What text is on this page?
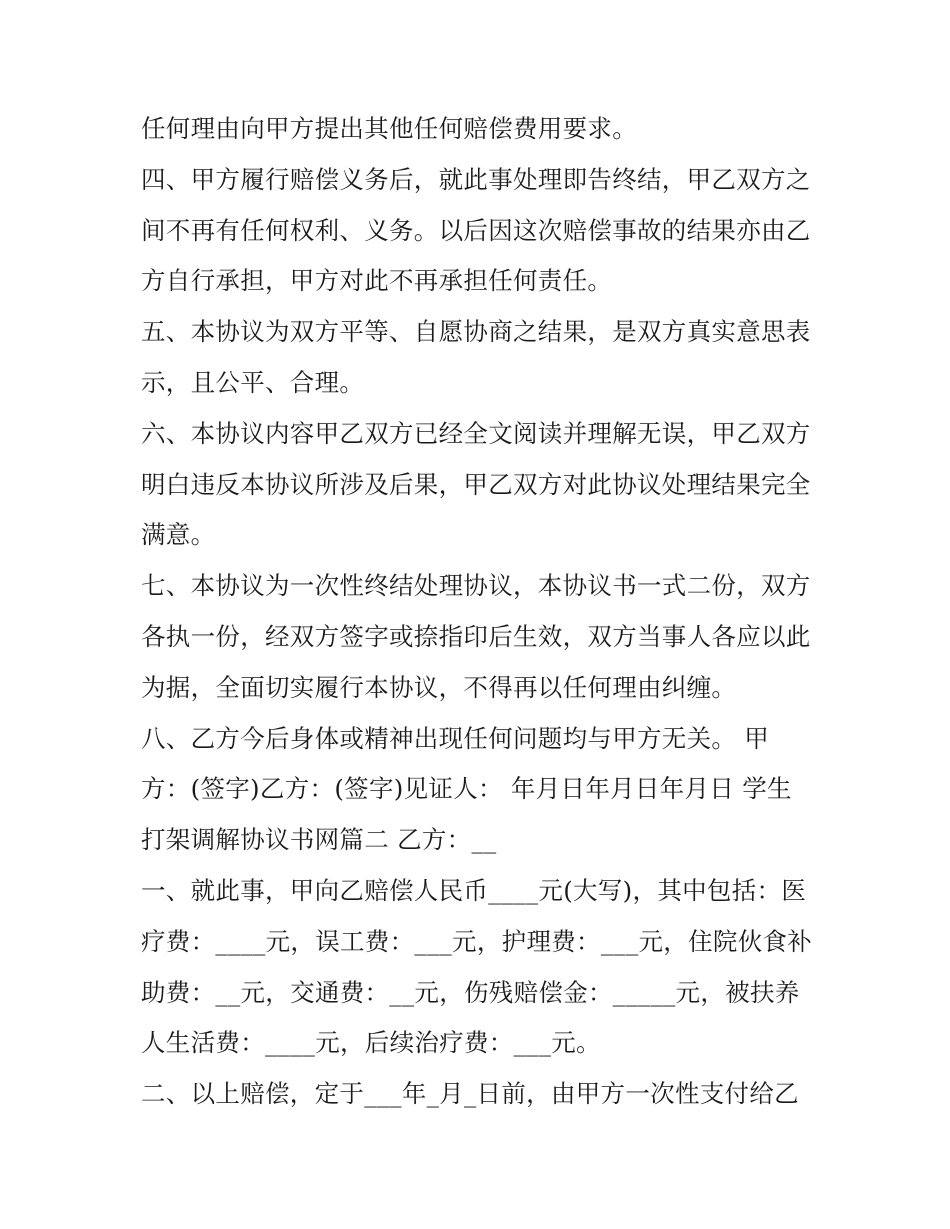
任何理由向甲方提出其他任何赔偿费用要求。
四、甲方履行赔偿义务后，就此事处理即告终结，甲乙双方之
间不再有任何权利、义务。以后因这次赔偿事故的结果亦由乙
方自行承担，甲方对此不再承担任何责任。
五、本协议为双方平等、自愿协商之结果，是双方真实意思表
示，且公平、合理。
六、本协议内容甲乙双方已经全文阅读并理解无误，甲乙双方
明白违反本协议所涉及后果，甲乙双方对此协议处理结果完全
满意。
七、本协议为一次性终结处理协议，本协议书一式二份，双方
各执一份，经双方签字或捺指印后生效，双方当事人各应以此
为据，全面切实履行本协议，不得再以任何理由纠缠。
八、乙方今后身体或精神出现任何问题均与甲方无关。 甲
方：(签字)乙方：(签字)见证人： 年月日年月日年月日 学生
打架调解协议书网篇二 乙方：__
一、就此事，甲向乙赔偿人民币____元(大写)，其中包括：医
疗费：____元，误工费：___元，护理费：___元，住院伙食补
助费：__元，交通费：__元，伤残赔偿金：_____元，被扶养
人生活费：____元，后续治疗费：___元。
二、以上赔偿，定于___年_月_日前，由甲方一次性支付给乙
